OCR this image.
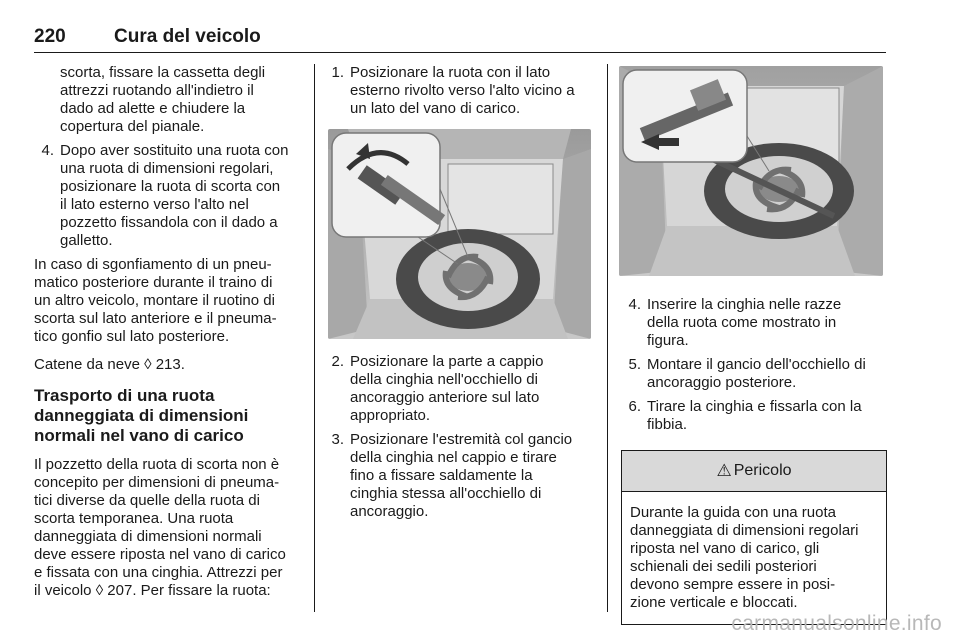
220	Cura del veicolo
scorta, fissare la cassetta degli
attrezzi ruotando all'indietro il
dado ad alette e chiudere la
copertura del pianale.
4. Dopo aver sostituito una ruota con
una ruota di dimensioni regolari,
posizionare la ruota di scorta con
il lato esterno verso l'alto nel
pozzetto fissandola con il dado a
galletto.
In caso di sgonfiamento di un pneu-
matico posteriore durante il traino di
un altro veicolo, montare il ruotino di
scorta sul lato anteriore e il pneuma-
tico gonfio sul lato posteriore.
Catene da neve ◊ 213.
Trasporto di una ruota
danneggiata di dimensioni
normali nel vano di carico
Il pozzetto della ruota di scorta non è
concepito per dimensioni di pneuma-
tici diverse da quelle della ruota di
scorta temporanea. Una ruota
danneggiata di dimensioni normali
deve essere riposta nel vano di carico
e fissata con una cinghia. Attrezzi per
il veicolo ◊ 207. Per fissare la ruota:
1. Posizionare la ruota con il lato
esterno rivolto verso l'alto vicino a
un lato del vano di carico.
2. Posizionare la parte a cappio
della cinghia nell'occhiello di
ancoraggio anteriore sul lato
appropriato.
3. Posizionare l'estremità col gancio
della cinghia nel cappio e tirare
fino a fissare saldamente la
cinghia stessa all'occhiello di
ancoraggio.
4. Inserire la cinghia nelle razze
della ruota come mostrato in
figura.
5. Montare il gancio dell'occhiello di
ancoraggio posteriore.
6. Tirare la cinghia e fissarla con la
fibbia.
⚠ Pericolo
Durante la guida con una ruota
danneggiata di dimensioni regolari
riposta nel vano di carico, gli
schienali dei sedili posteriori
devono sempre essere in posi-
zione verticale e bloccati.
carmanualsonline.info
